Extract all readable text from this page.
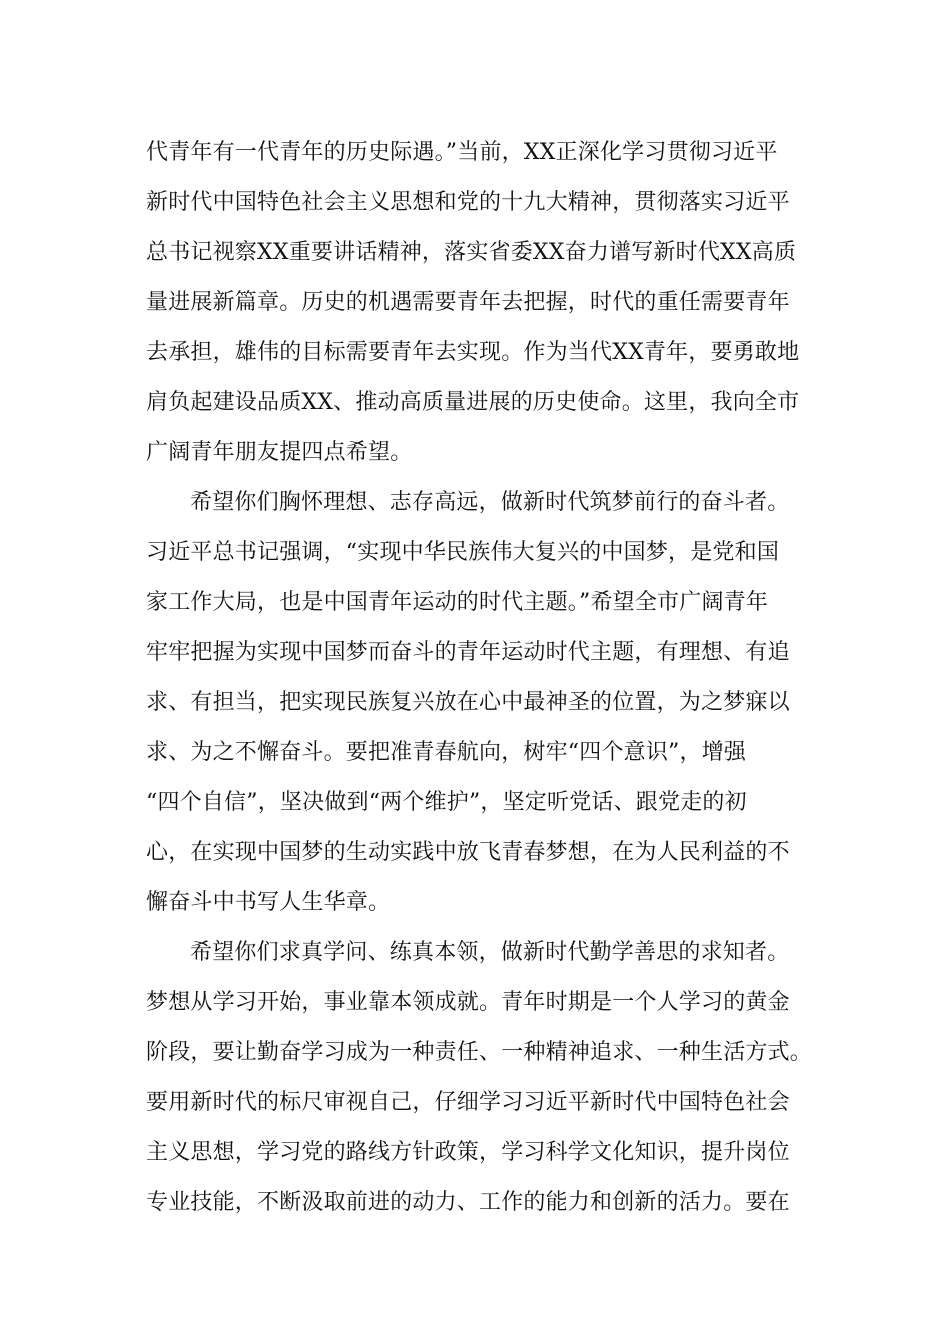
代青年有一代青年的历史际遇。”当前，XX正深化学习贯彻习近平
新时代中国特色社会主义思想和党的十九大精神，贯彻落实习近平
总书记视察XX重要讲话精神，落实省委XX奋力谱写新时代XX高质
量进展新篇章。历史的机遇需要青年去把握，时代的重任需要青年
去承担，雄伟的目标需要青年去实现。作为当代XX青年，要勇敢地
肩负起建设品质XX、推动高质量进展的历史使命。这里，我向全市
广阔青年朋友提四点希望。
希望你们胸怀理想、志存高远，做新时代筑梦前行的奋斗者。
习近平总书记强调，“实现中华民族伟大复兴的中国梦，是党和国
家工作大局，也是中国青年运动的时代主题。”希望全市广阔青年
牢牢把握为实现中国梦而奋斗的青年运动时代主题，有理想、有追
求、有担当，把实现民族复兴放在心中最神圣的位置，为之梦寐以
求、为之不懈奋斗。要把准青春航向，树牢“四个意识”，增强
“四个自信”，坚决做到“两个维护”，坚定听党话、跟党走的初
心，在实现中国梦的生动实践中放飞青春梦想，在为人民利益的不
懈奋斗中书写人生华章。
希望你们求真学问、练真本领，做新时代勤学善思的求知者。
梦想从学习开始，事业靠本领成就。青年时期是一个人学习的黄金
阶段，要让勤奋学习成为一种责任、一种精神追求、一种生活方式。
要用新时代的标尺审视自己，仔细学习习近平新时代中国特色社会
主义思想，学习党的路线方针政策，学习科学文化知识，提升岗位
专业技能，不断汲取前进的动力、工作的能力和创新的活力。要在
